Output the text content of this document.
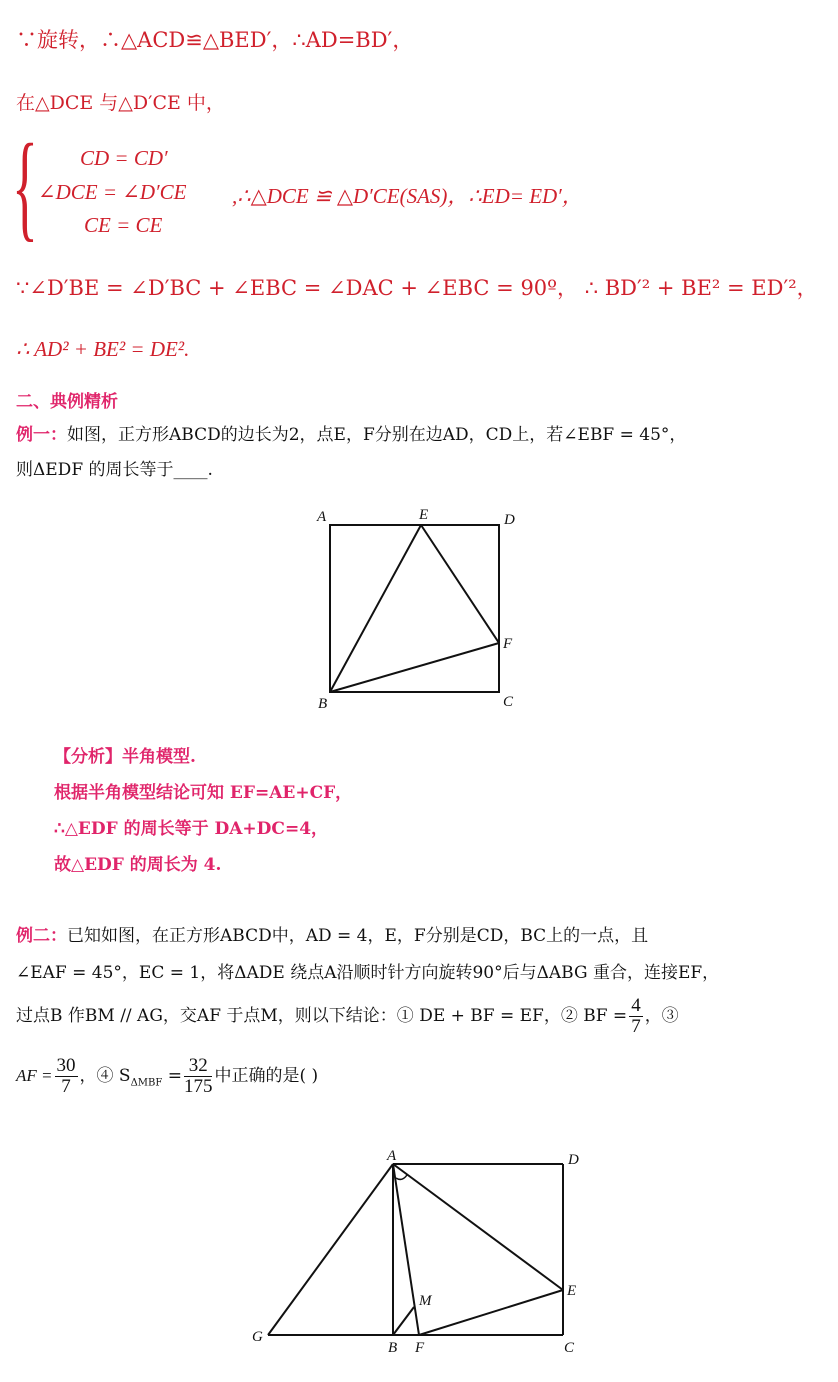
∵旋转，∴△ACD≌△BED′，∴AD=BD′，
在△DCE 与△D′CE 中，
{ CD = CD′
∠DCE = ∠D′CE ,∴△DCE ≌ △D′CE(SAS)，∴ED= ED′，
CE = CE
∵∠D′BE = ∠D′BC + ∠EBC = ∠DAC + ∠EBC = 90º， ∴ BD′² + BE² = ED′²，
∴ AD² + BE² = DE².
二、典例精析
例一：如图，正方形ABCD的边长为2，点E，F分别在边AD，CD上，若∠EBF = 45°，
则ΔEDF 的周长等于____.
A	E	D
F
B	C
【分析】半角模型.
根据半角模型结论可知 EF=AE+CF，
∴△EDF 的周长等于 DA+DC=4，
故△EDF 的周长为 4.
例二：已知如图，在正方形ABCD中，AD = 4，E，F分别是CD，BC上的一点，且
∠EAF = 45°，EC = 1，将ΔADE 绕点A沿顺时针方向旋转90°后与ΔABG 重合，连接EF，
过点B 作BM // AG，交AF 于点M，则以下结论：① DE + BF = EF，② BF = $\frac{4}{7}$ ，③
AF = $\frac{30}{7}$ ，④ $S_{\Delta MBF} = \frac{32}{175}$ 中正确的是( )
A	D
E
M
G
B F	C
